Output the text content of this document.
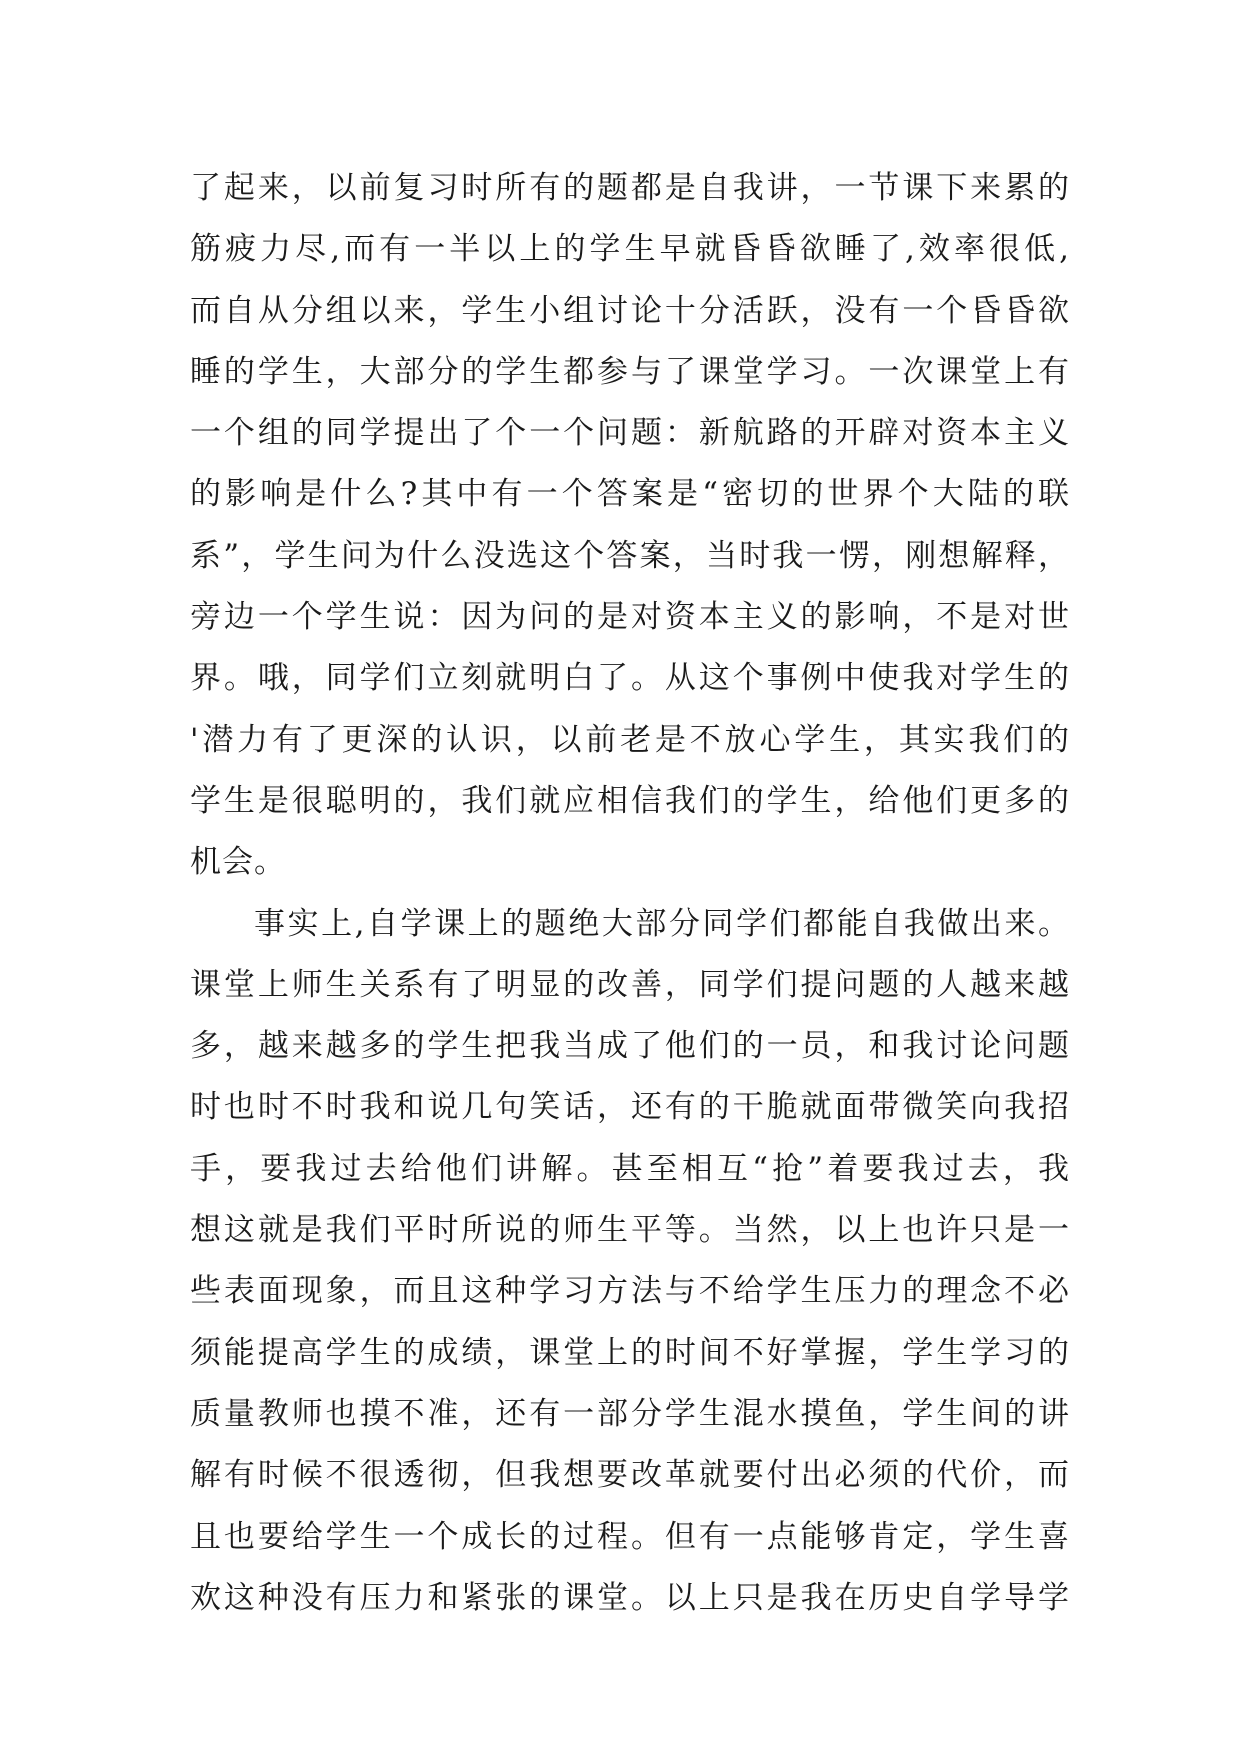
了起来，以前复习时所有的题都是自我讲，一节课下来累的
筋疲力尽,而有一半以上的学生早就昏昏欲睡了,效率很低,
而自从分组以来，学生小组讨论十分活跃，没有一个昏昏欲
睡的学生，大部分的学生都参与了课堂学习。一次课堂上有
一个组的同学提出了个一个问题：新航路的开辟对资本主义
的影响是什么?其中有一个答案是“密切的世界个大陆的联
系”，学生问为什么没选这个答案，当时我一愣，刚想解释，
旁边一个学生说：因为问的是对资本主义的影响，不是对世
界。哦，同学们立刻就明白了。从这个事例中使我对学生的
'潜力有了更深的认识，以前老是不放心学生，其实我们的
学生是很聪明的，我们就应相信我们的学生，给他们更多的
机会。
事实上,自学课上的题绝大部分同学们都能自我做出来。
课堂上师生关系有了明显的改善，同学们提问题的人越来越
多，越来越多的学生把我当成了他们的一员，和我讨论问题
时也时不时我和说几句笑话，还有的干脆就面带微笑向我招
手，要我过去给他们讲解。甚至相互“抢”着要我过去，我
想这就是我们平时所说的师生平等。当然，以上也许只是一
些表面现象，而且这种学习方法与不给学生压力的理念不必
须能提高学生的成绩，课堂上的时间不好掌握，学生学习的
质量教师也摸不准，还有一部分学生混水摸鱼，学生间的讲
解有时候不很透彻，但我想要改革就要付出必须的代价，而
且也要给学生一个成长的过程。但有一点能够肯定，学生喜
欢这种没有压力和紧张的课堂。以上只是我在历史自学导学
